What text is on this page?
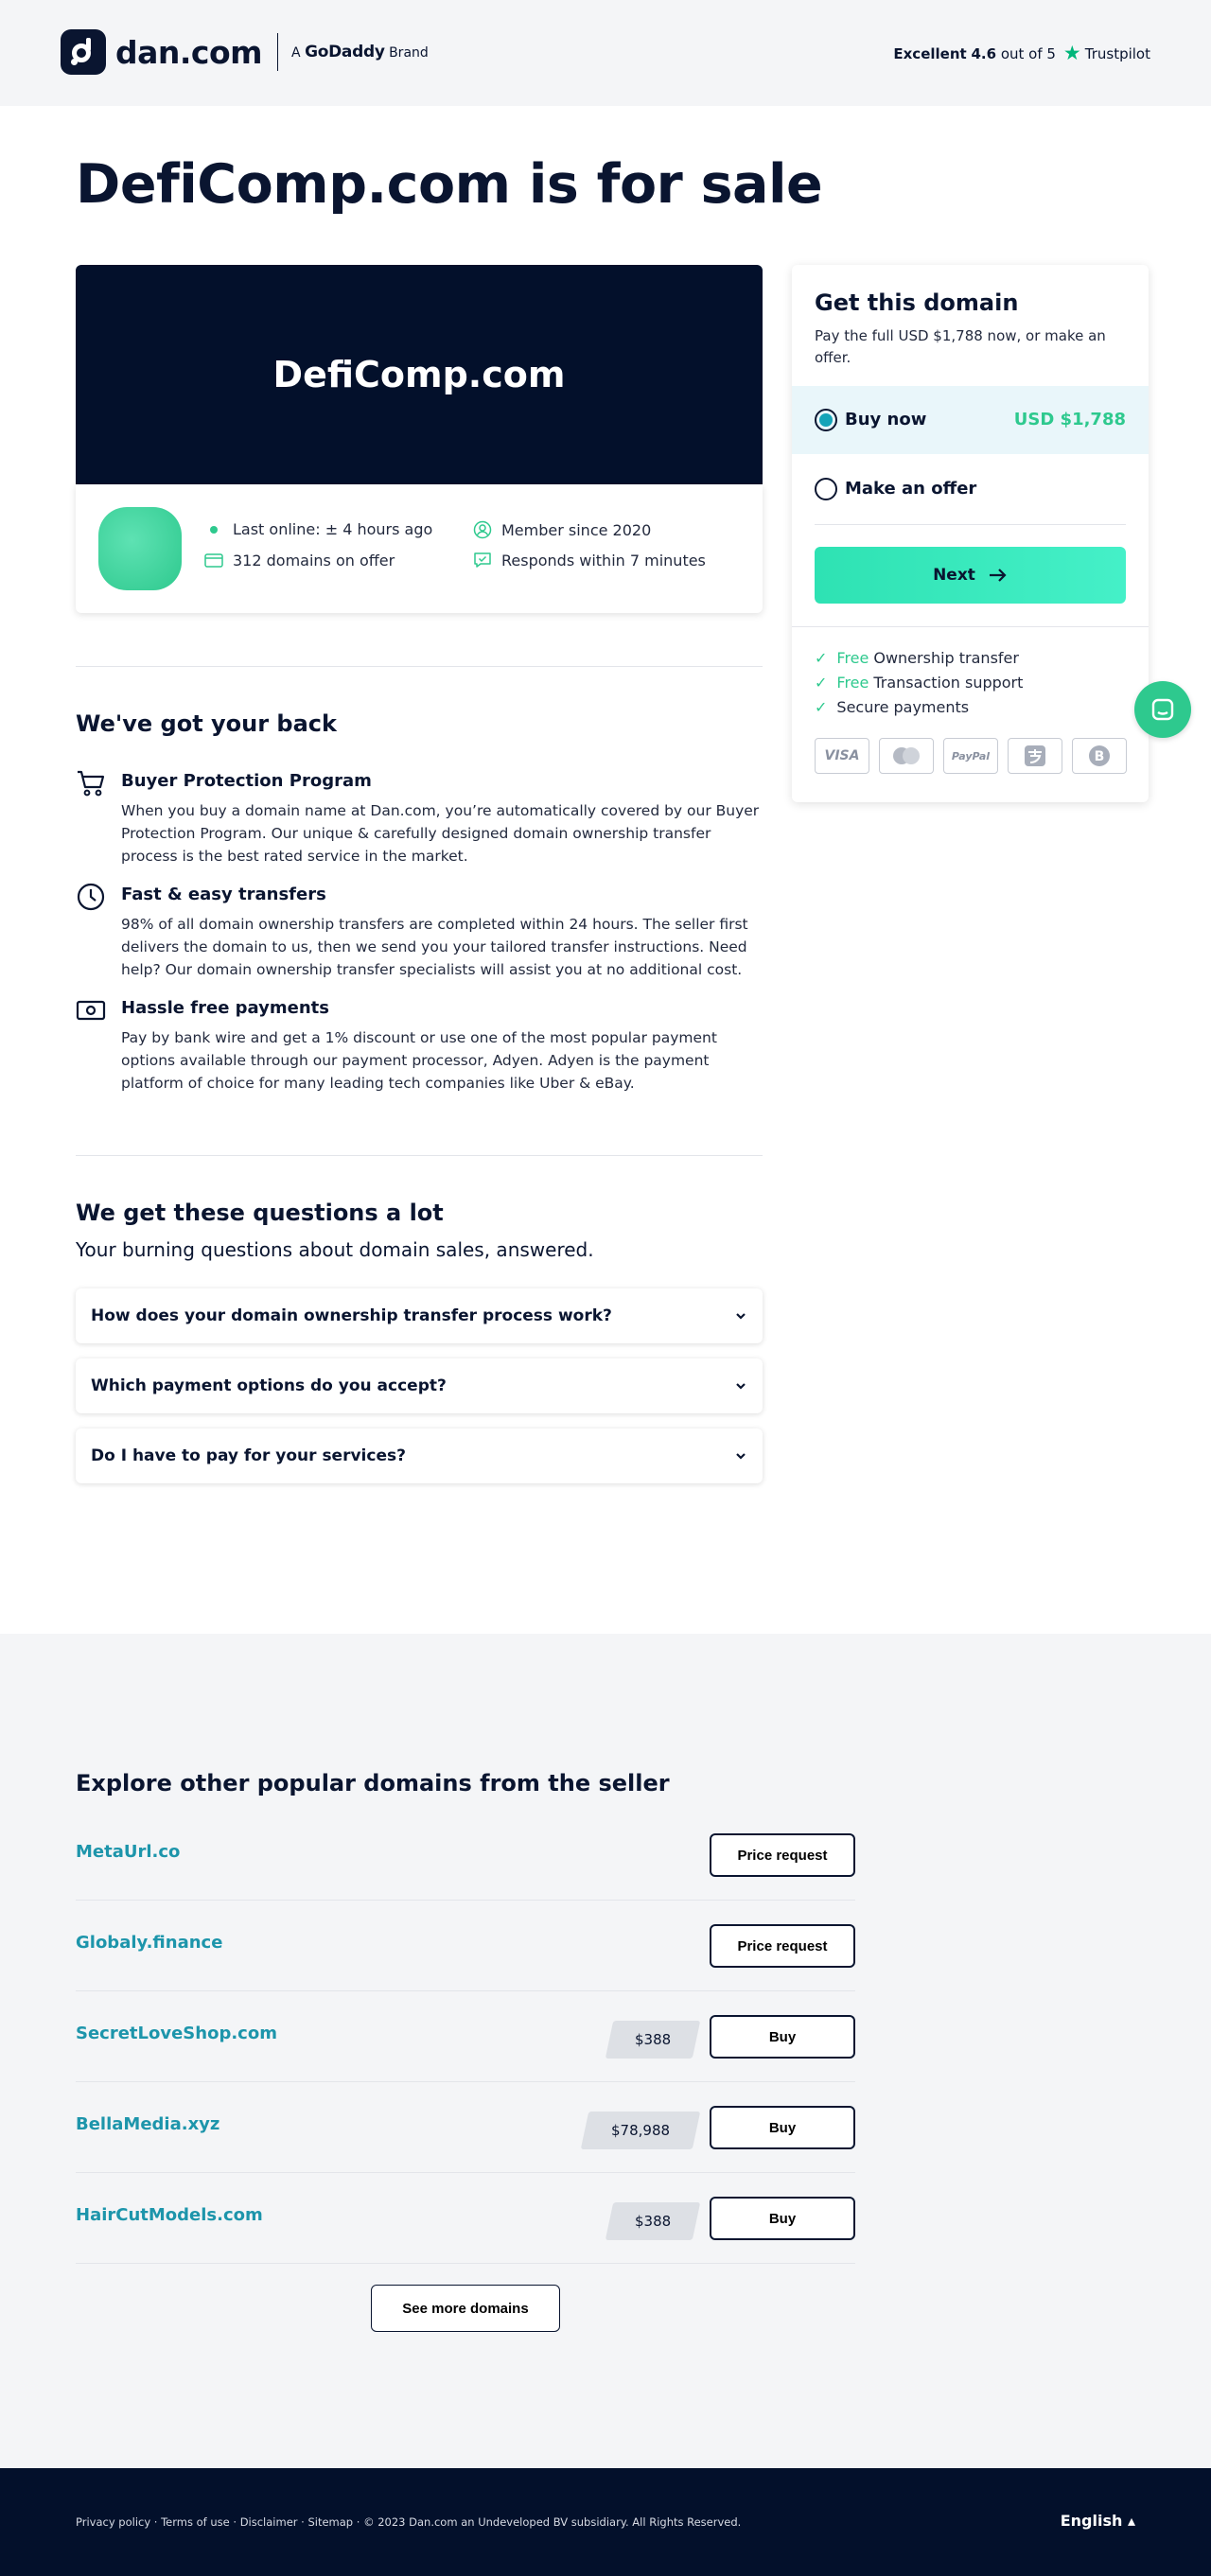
dan.com A GoDaddy Brand	Excellent
4.6
out of 5 ★ Trustpilot
DefiComp.com is for sale
DefiComp.com
Last online: ± 4 hours ago
312 domains on offer
Member since 2020
Responds within 7 minutes
We've got your back
Buyer Protection Program

When you buy a domain name at Dan.com, you’re automatically covered by our Buyer Protection Program. Our unique & carefully designed domain ownership transfer process is the best rated service in the market.

Fast & easy transfers

98% of all domain ownership transfers are completed within 24 hours. The seller first delivers the domain to us, then we send you your tailored transfer instructions. Need help? Our domain ownership transfer specialists will assist you at no additional cost.

Hassle free payments

Pay by bank wire and get a 1% discount or use one of the most popular payment options available through our payment processor, Adyen. Adyen is the payment platform of choice for many leading tech companies like Uber & eBay.

We get these questions a lot
Your burning questions about domain sales, answered.
How does your domain ownership transfer process work?
Which payment options do you accept?
Do I have to pay for your services?
Get this domain

Pay the full USD $1,788 now, or make an offer.

Buy now	USD $1,788
Make an offer
Next
✓ Free Ownership transfer
✓ Free Transaction support
✓ Secure payments
VISA	PayPal	B
Explore other popular domains from the seller
MetaUrl.co	Price request
Globaly.finance	Price request
SecretLoveShop.com	$388	Buy
BellaMedia.xyz	$78,988	Buy
HairCutModels.com	$388	Buy
See more domains
Privacy policy · Terms of use · Disclaimer · Sitemap · © 2023 Dan.com an Undeveloped BV subsidiary. All Rights Reserved.	English ▴
